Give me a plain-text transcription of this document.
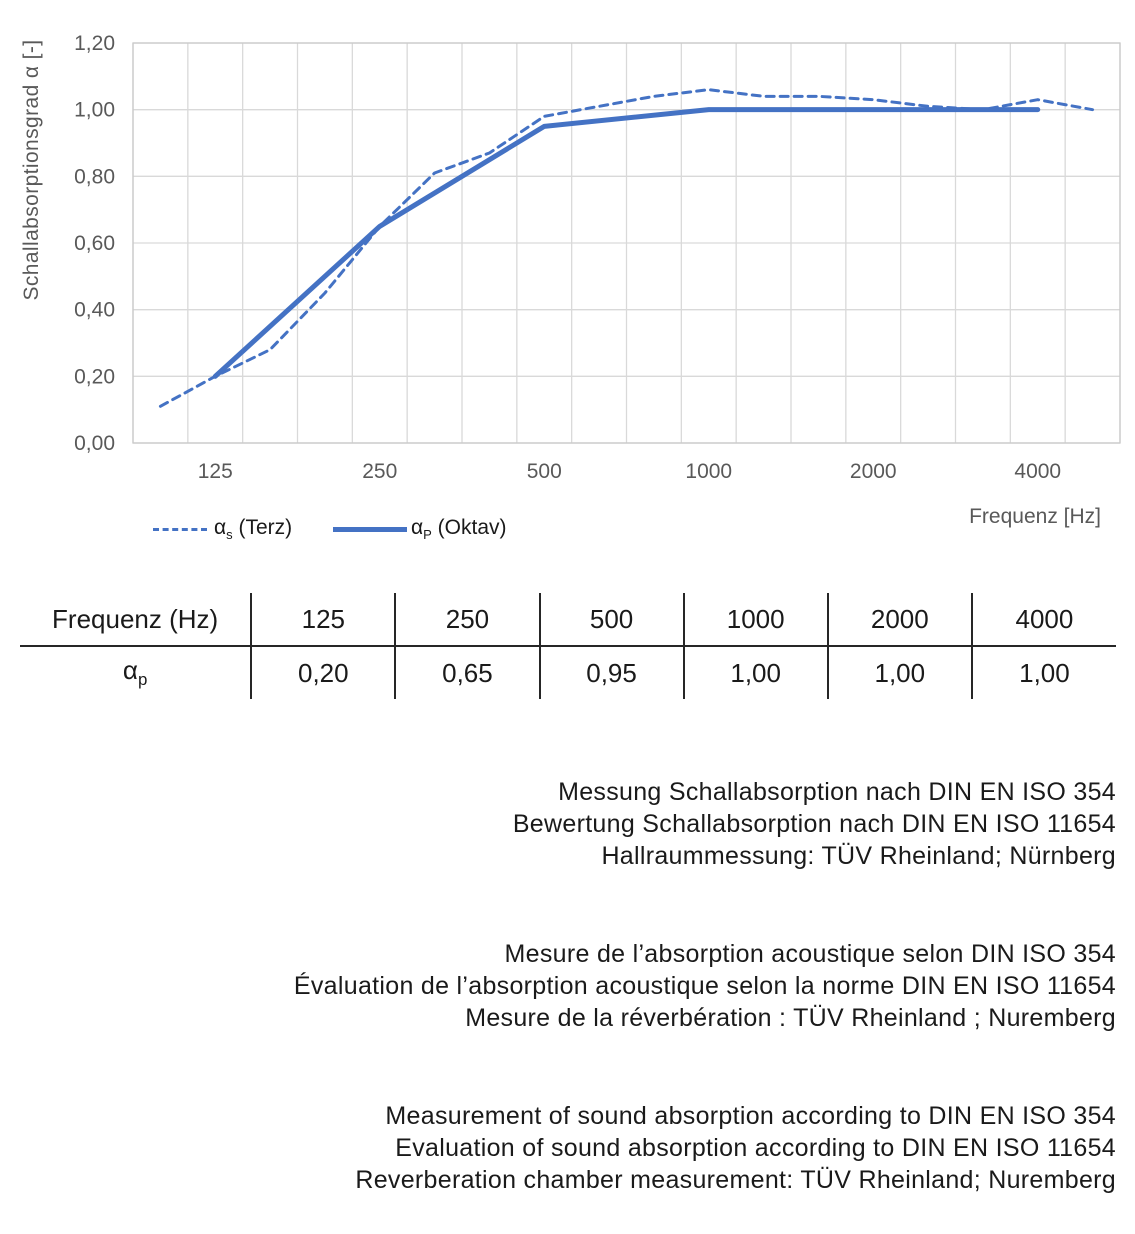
1,20
1,00
0,80
0,60
0,40
0,20
0,00
125	250	500	1000	2000	4000
Schallabsorptionsgrad α [-]
$\alpha_s$ (Terz)	$\alpha_P$ (Oktav)	Frequenz [Hz]
Frequenz (Hz)	125	250	500	1000	2000	4000
$\alpha_p$	0,20	0,65	0,95	1,00	1,00	1,00
Messung Schallabsorption nach DIN EN ISO 354
Bewertung Schallabsorption nach DIN EN ISO 11654
Hallraummessung: TÜV Rheinland; Nürnberg
Mesure de l’absorption acoustique selon DIN ISO 354
Évaluation de l’absorption acoustique selon la norme DIN EN ISO 11654
Mesure de la réverbération : TÜV Rheinland ; Nuremberg
Measurement of sound absorption according to DIN EN ISO 354
Evaluation of sound absorption according to DIN EN ISO 11654
Reverberation chamber measurement: TÜV Rheinland; Nuremberg
